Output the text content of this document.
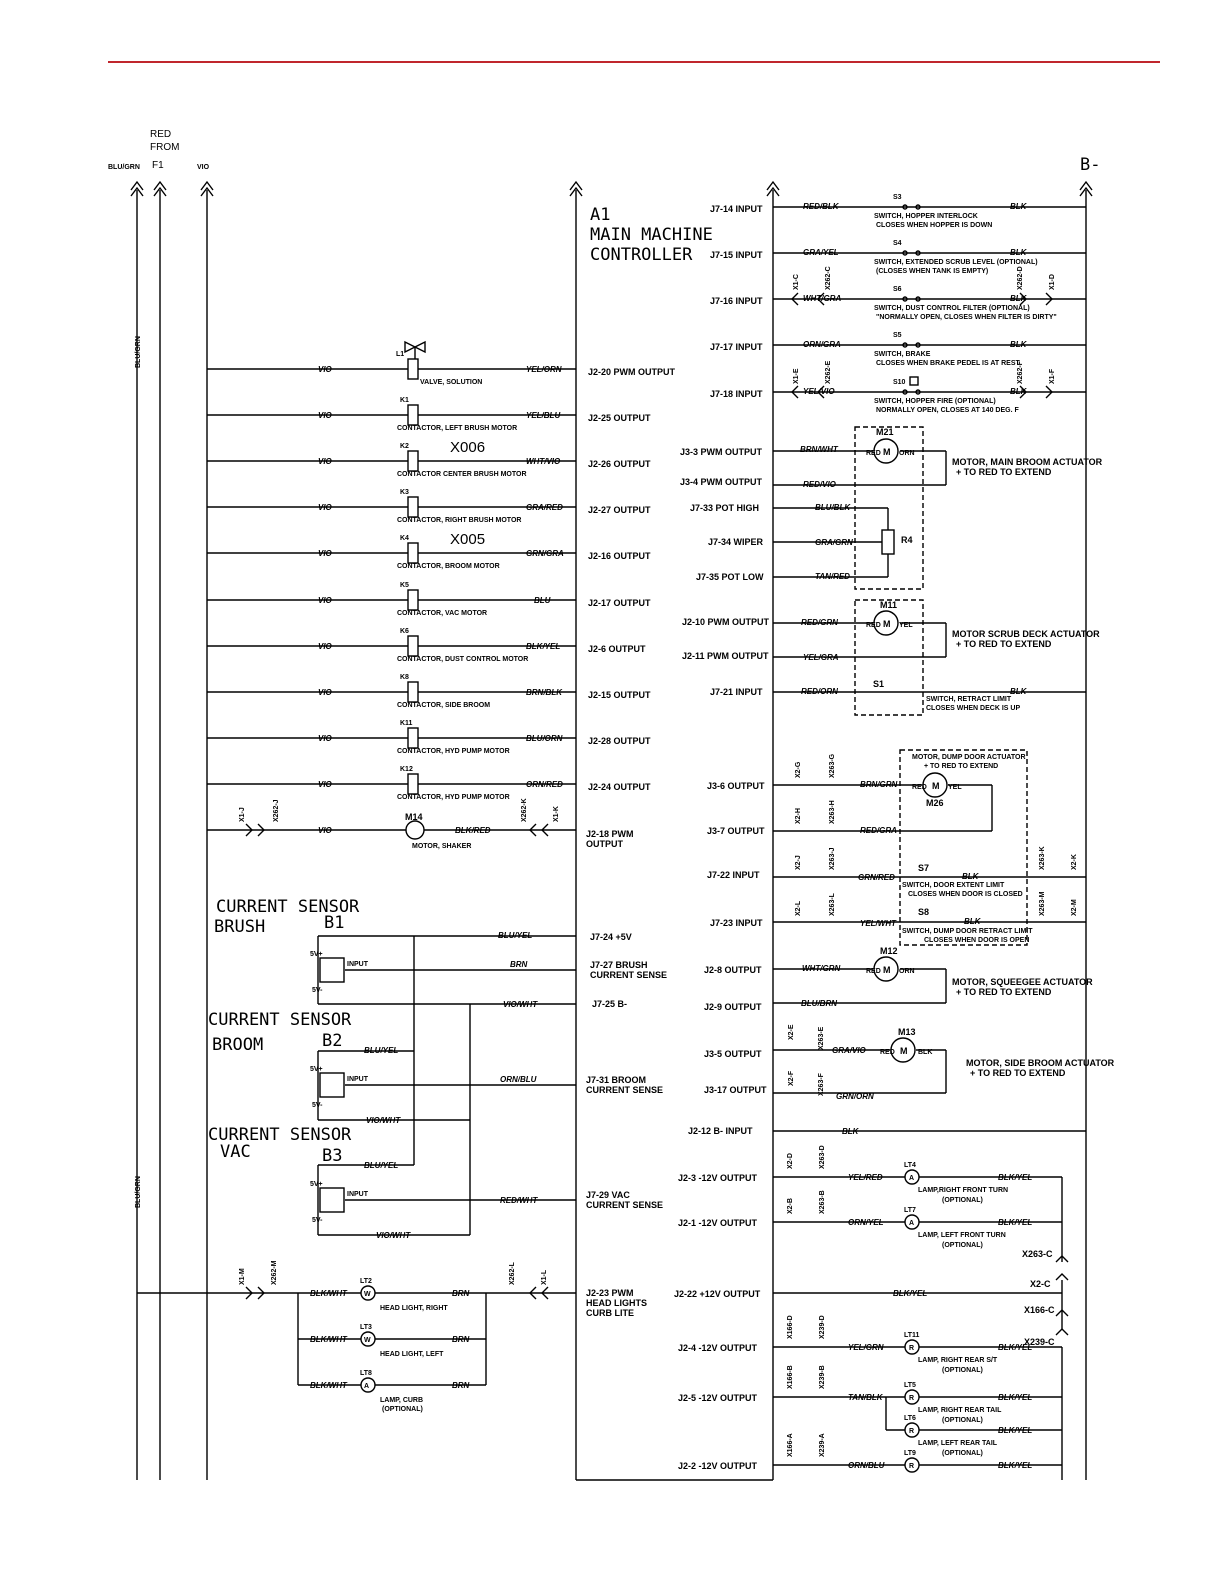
RED
FROM
F1
BLU/GRN	VIO	B-
BLU/GRN
BLU/GRN
A1
MAIN MACHINE
CONTROLLER
J2-20 PWM OUTPUT
L1
VALVE, SOLUTION
YEL/ORN
VIO
J2-25 OUTPUT
K1
CONTACTOR, LEFT BRUSH MOTOR
YEL/BLU
VIO
J2-26 OUTPUT
K2
CONTACTOR CENTER BRUSH MOTOR
WHT/VIO
VIO
J2-27 OUTPUT
K3
CONTACTOR, RIGHT BRUSH MOTOR
GRA/RED
VIO
J2-16 OUTPUT
K4
CONTACTOR, BROOM MOTOR
GRN/GRA
VIO
J2-17 OUTPUT
K5
CONTACTOR, VAC MOTOR
BLU
VIO
J2-6 OUTPUT
K6
CONTACTOR, DUST CONTROL MOTOR
BLK/YEL
VIO
J2-15 OUTPUT
K8
CONTACTOR, SIDE BROOM
BRN/BLK
VIO
J2-28 OUTPUT
K11
CONTACTOR, HYD PUMP MOTOR
BLU/ORN
VIO
J2-24 OUTPUT
K12
CONTACTOR, HYD PUMP MOTOR
ORN/RED
VIO
X006
X005
J2-18 PWM
OUTPUT
M14
MOTOR, SHAKER
BLK/RED
VIO
X1-J	X262-J	X262-K	X1-K
CURRENT SENSOR
BRUSH	B1
5V+
INPUT
5V-
BRN	J7-27 BRUSH
CURRENT SENSE
J7-24 +5V
BLU/YEL
J7-25 B-
VIO/WHT
CURRENT SENSOR
BROOM	B2
5V+
INPUT
5V-
ORN/BLU	J7-31 BROOM
CURRENT SENSE
BLU/YEL
VIO/WHT
CURRENT SENSOR
VAC	B3
5V+
INPUT
5V-
RED/WHT
J7-29 VAC
CURRENT SENSE
BLU/YEL
VIO/WHT
J2-23 PWM
HEAD LIGHTS
CURB LITE
X1-M	X262-M	X262-L	X1-L
LT2
W
HEAD LIGHT, RIGHT
BLK/WHT	BRN
LT3
W
HEAD LIGHT, LEFT
BLK/WHT	BRN
LT8
A
LAMP, CURB
(OPTIONAL)
BLK/WHT	BRN
J7-14 INPUT
S3
RED/BLK	BLK
SWITCH, HOPPER INTERLOCK
CLOSES WHEN HOPPER IS DOWN
J7-15 INPUT
S4
GRA/YEL	BLK
SWITCH, EXTENDED SCRUB LEVEL (OPTIONAL)
(CLOSES WHEN TANK IS EMPTY)
J7-16 INPUT
S6
WHT/GRA	BLK
SWITCH, DUST CONTROL FILTER (OPTIONAL)
"NORMALLY OPEN, CLOSES WHEN FILTER IS DIRTY"
J7-17 INPUT
S5
ORN/GRA	BLK
SWITCH, BRAKE
CLOSES WHEN BRAKE PEDEL IS AT REST
J7-18 INPUT
S10
YEL/VIO	BLK
SWITCH, HOPPER FIRE (OPTIONAL)
NORMALLY OPEN, CLOSES AT 140 DEG. F
X1-C	X262-C	X262-D	X1-D
X1-E	X262-E	X262-F	X1-F
M21
J3-3 PWM OUTPUT
J3-4 PWM OUTPUT
BRN/WHT
RED/VIO
MOTOR, MAIN BROOM ACTUATOR
+ TO RED TO EXTEND
RED	ORN
M
R4
J7-33 POT HIGH
J7-34 WIPER
J7-35 POT LOW
BLU/BLK
GRA/GRN
TAN/RED
M11
J2-10 PWM OUTPUT
J2-11 PWM OUTPUT
RED/GRN
YEL/GRA
MOTOR SCRUB DECK ACTUATOR
+ TO RED TO EXTEND
RED	YEL
M
J7-21 INPUT
S1
RED/ORN	BLK
SWITCH, RETRACT LIMIT
CLOSES WHEN DECK IS UP
MOTOR, DUMP DOOR ACTUATOR
+ TO RED TO EXTEND
M26
J3-6 OUTPUT
J3-7 OUTPUT
BRN/GRN
RED/GRA
RED	YEL
M
X2-G	X263-G
X2-H	X263-H
J7-22 INPUT
S7
GRN/RED	BLK
SWITCH, DOOR EXTENT LIMIT
CLOSES WHEN DOOR IS CLOSED
X2-J	X263-J	X263-K	X2-K
J7-23 INPUT
S8
YEL/WHT	BLK
SWITCH, DUMP DOOR RETRACT LIMIT
CLOSES WHEN DOOR IS OPEN
X2-L	X263-L	X263-M	X2-M
M12
J2-8 OUTPUT
J2-9 OUTPUT
WHT/GRN
BLU/BRN
MOTOR, SQUEEGEE ACTUATOR
+ TO RED TO EXTEND
RED	ORN
M
M13
J3-5 OUTPUT
J3-17 OUTPUT
GRA/VIO
GRN/ORN
MOTOR, SIDE BROOM ACTUATOR
+ TO RED TO EXTEND
RED	BLK
M
X2-E	X263-E
X2-F	X263-F
J2-12 B- INPUT	BLK
LT4
A
J2-3 -12V OUTPUT	YEL/RED	BLK/YEL
LAMP,RIGHT FRONT TURN
(OPTIONAL)
X2-D	X263-D
LT7
A
J2-1 -12V OUTPUT	ORN/YEL	BLK/YEL
LAMP, LEFT FRONT TURN
(OPTIONAL)
X2-B	X263-B
LT11
R
J2-4 -12V OUTPUT	YEL/GRN	BLK/YEL
LAMP, RIGHT REAR S/T
(OPTIONAL)
X166-D	X239-D
LT5
R
J2-5 -12V OUTPUT	TAN/BLK	BLK/YEL
LAMP, RIGHT REAR TAIL
(OPTIONAL)
X166-B	X239-B
LT6
R	BLK/YEL
LAMP, LEFT REAR TAIL
(OPTIONAL)
LT9
R
J2-2 -12V OUTPUT	ORN/BLU	BLK/YEL
X166-A	X239-A
X263-C
X2-C
X166-C
X239-C
J2-22 +12V OUTPUT	BLK/YEL
